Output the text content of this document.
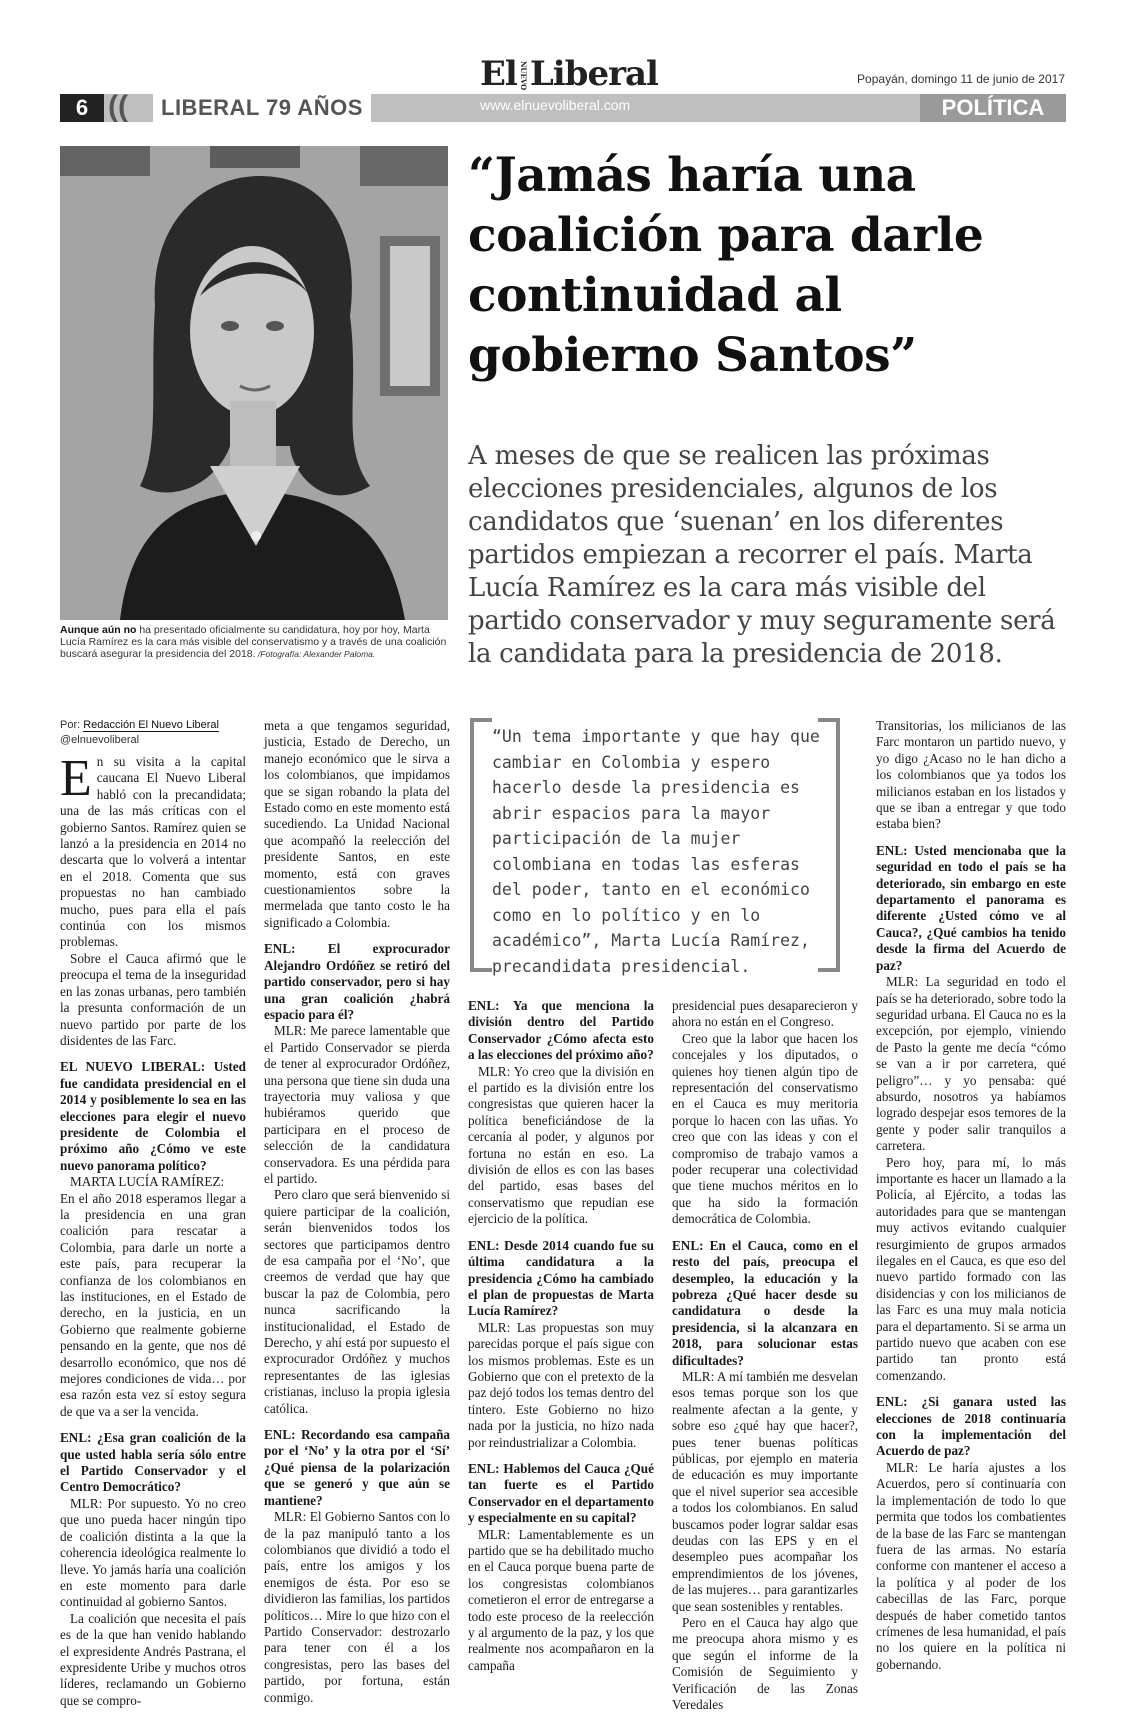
El NUEVOLiberal	Popayán, domingo 11 de junio de 2017
6 ((	LIBERAL 79 AÑOS	www.elnuevoliberal.com	POLÍTICA
Aunque aún no ha presentado oficialmente su candidatura, hoy por hoy, Marta Lucía Ramírez es la cara más visible del conservatismo y a través de una coalición buscará asegurar la presidencia del 2018. /Fotografía: Alexander Paloma.
“Jamás haría una coalición para darle continuidad al gobierno Santos”
A meses de que se realicen las próximas elecciones presidenciales, algunos de los candidatos que ‘suenan’ en los diferentes partidos empiezan a recorrer el país. Marta Lucía Ramírez es la cara más visible del partido conservador y muy seguramente será la candidata para la presidencia de 2018.
Por: Redacción El Nuevo Liberal
@elnuevoliberal

En su visita a la capital caucana El Nuevo Liberal habló con la precandidata; una de las más críticas con el gobierno Santos. Ramírez quien se lanzó a la presidencia en 2014 no descarta que lo volverá a intentar en el 2018. Comenta que sus propuestas no han cambiado mucho, pues para ella el país continúa con los mismos problemas.

Sobre el Cauca afirmó que le preocupa el tema de la inseguridad en las zonas urbanas, pero también la presunta conformación de un nuevo partido por parte de los disidentes de las Farc.

EL NUEVO LIBERAL: Usted fue candidata presidencial en el 2014 y posiblemente lo sea en las elecciones para elegir el nuevo presidente de Colombia el próximo año ¿Cómo ve este nuevo panorama político?

MARTA LUCÍA RAMÍREZ:

En el año 2018 esperamos llegar a la presidencia en una gran coalición para rescatar a Colombia, para darle un norte a este país, para recuperar la confianza de los colombianos en las instituciones, en el Estado de derecho, en la justicia, en un Gobierno que realmente gobierne pensando en la gente, que nos dé desarrollo económico, que nos dé mejores condiciones de vida… por esa razón esta vez sí estoy segura de que va a ser la vencida.

ENL: ¿Esa gran coalición de la que usted habla sería sólo entre el Partido Conservador y el Centro Democrático?

MLR: Por supuesto. Yo no creo que uno pueda hacer ningún tipo de coalición distinta a la que la coherencia ideológica realmente lo lleve. Yo jamás haría una coalición en este momento para darle continuidad al gobierno Santos.

La coalición que necesita el país es de la que han venido hablando el expresidente Andrés Pastrana, el expresidente Uribe y muchos otros líderes, reclamando un Gobierno que se compro-

meta a que tengamos seguridad, justicia, Estado de Derecho, un manejo económico que le sirva a los colombianos, que impidamos que se sigan robando la plata del Estado como en este momento está sucediendo. La Unidad Nacional que acompañó la reelección del presidente Santos, en este momento, está con graves cuestionamientos sobre la mermelada que tanto costo le ha significado a Colombia.

ENL: El exprocurador Alejandro Ordóñez se retiró del partido conservador, pero si hay una gran coalición ¿habrá espacio para él?

MLR: Me parece lamentable que el Partido Conservador se pierda de tener al exprocurador Ordóñez, una persona que tiene sin duda una trayectoria muy valiosa y que hubiéramos querido que participara en el proceso de selección de la candidatura conservadora. Es una pérdida para el partido.

Pero claro que será bienvenido si quiere participar de la coalición, serán bienvenidos todos los sectores que participamos dentro de esa campaña por el ‘No’, que creemos de verdad que hay que buscar la paz de Colombia, pero nunca sacrificando la institucionalidad, el Estado de Derecho, y ahí está por supuesto el exprocurador Ordóñez y muchos representantes de las iglesias cristianas, incluso la propia iglesia católica.

ENL: Recordando esa campaña por el ‘No’ y la otra por el ‘Sí’ ¿Qué piensa de la polarización que se generó y que aún se mantiene?

MLR: El Gobierno Santos con lo de la paz manipuló tanto a los colombianos que dividió a todo el país, entre los amigos y los enemigos de ésta. Por eso se dividieron las familias, los partidos políticos… Mire lo que hizo con el Partido Conservador: destrozarlo para tener con él a los congresistas, pero las bases del partido, por fortuna, están conmigo.

“Un tema importante y que hay que cambiar en Colombia y espero hacerlo desde la presidencia es abrir espacios para la mayor participación de la mujer colombiana en todas las esferas del poder, tanto en el económico como en lo político y en lo académico”, Marta Lucía Ramírez, precandidata presidencial.

ENL: Ya que menciona la división dentro del Partido Conservador ¿Cómo afecta esto a las elecciones del próximo año?

MLR: Yo creo que la división en el partido es la división entre los congresistas que quieren hacer la política beneficiándose de la cercanía al poder, y algunos por fortuna no están en eso. La división de ellos es con las bases del partido, esas bases del conservatismo que repudian ese ejercicio de la política.

ENL: Desde 2014 cuando fue su última candidatura a la presidencia ¿Cómo ha cambiado el plan de propuestas de Marta Lucía Ramírez?

MLR: Las propuestas son muy parecidas porque el país sigue con los mismos problemas. Este es un Gobierno que con el pretexto de la paz dejó todos los temas dentro del tintero. Este Gobierno no hizo nada por la justicia, no hizo nada por reindustrializar a Colombia.

ENL: Hablemos del Cauca ¿Qué tan fuerte es el Partido Conservador en el departamento y especialmente en su capital?

MLR: Lamentablemente es un partido que se ha debilitado mucho en el Cauca porque buena parte de los congresistas colombianos cometieron el error de entregarse a todo este proceso de la reelección y al argumento de la paz, y los que realmente nos acompañaron en la campaña

presidencial pues desaparecieron y ahora no están en el Congreso.

Creo que la labor que hacen los concejales y los diputados, o quienes hoy tienen algún tipo de representación del conservatismo en el Cauca es muy meritoria porque lo hacen con las uñas. Yo creo que con las ideas y con el compromiso de trabajo vamos a poder recuperar una colectividad que tiene muchos méritos en lo que ha sido la formación democrática de Colombia.

ENL: En el Cauca, como en el resto del país, preocupa el desempleo, la educación y la pobreza ¿Qué hacer desde su candidatura o desde la presidencia, si la alcanzara en 2018, para solucionar estas dificultades?

MLR: A mí también me desvelan esos temas porque son los que realmente afectan a la gente, y sobre eso ¿qué hay que hacer?, pues tener buenas políticas públicas, por ejemplo en materia de educación es muy importante que el nivel superior sea accesible a todos los colombianos. En salud buscamos poder lograr saldar esas deudas con las EPS y en el desempleo pues acompañar los emprendimientos de los jóvenes, de las mujeres… para garantizarles que sean sostenibles y rentables.

Pero en el Cauca hay algo que me preocupa ahora mismo y es que según el informe de la Comisión de Seguimiento y Verificación de las Zonas Veredales

Transitorias, los milicianos de las Farc montaron un partido nuevo, y yo digo ¿Acaso no le han dicho a los colombianos que ya todos los milicianos estaban en los listados y que se iban a entregar y que todo estaba bien?

ENL: Usted mencionaba que la seguridad en todo el país se ha deteriorado, sin embargo en este departamento el panorama es diferente ¿Usted cómo ve al Cauca?, ¿Qué cambios ha tenido desde la firma del Acuerdo de paz?

MLR: La seguridad en todo el país se ha deteriorado, sobre todo la seguridad urbana. El Cauca no es la excepción, por ejemplo, viniendo de Pasto la gente me decía “cómo se van a ir por carretera, qué peligro”… y yo pensaba: qué absurdo, nosotros ya habíamos logrado despejar esos temores de la gente y poder salir tranquilos a carretera.

Pero hoy, para mí, lo más importante es hacer un llamado a la Policía, al Ejército, a todas las autoridades para que se mantengan muy activos evitando cualquier resurgimiento de grupos armados ilegales en el Cauca, es que eso del nuevo partido formado con las disidencias y con los milicianos de las Farc es una muy mala noticia para el departamento. Si se arma un partido nuevo que acaben con ese partido tan pronto está comenzando.

ENL: ¿Si ganara usted las elecciones de 2018 continuaría con la implementación del Acuerdo de paz?

MLR: Le haría ajustes a los Acuerdos, pero sí continuaría con la implementación de todo lo que permita que todos los combatientes de la base de las Farc se mantengan fuera de las armas. No estaría conforme con mantener el acceso a la política y al poder de los cabecillas de las Farc, porque después de haber cometido tantos crímenes de lesa humanidad, el país no los quiere en la política ni gobernando.
